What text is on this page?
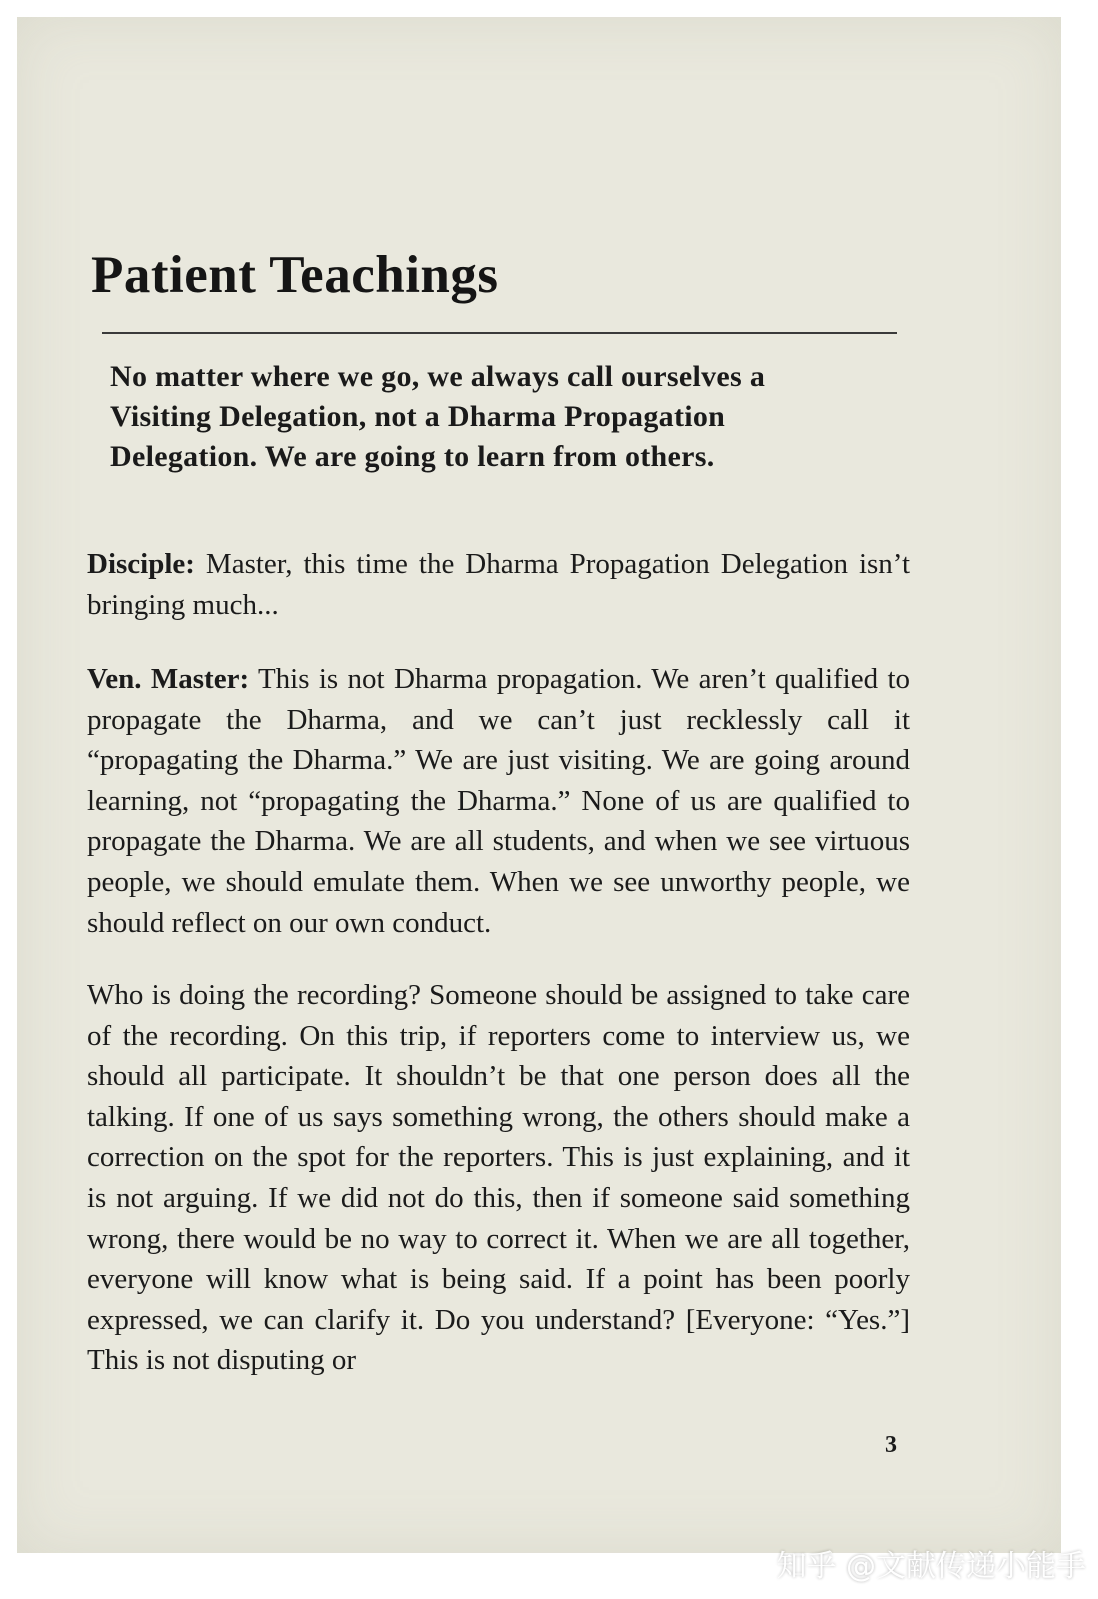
Patient Teachings

No matter where we go, we always call ourselves a Visiting Delegation, not a Dharma Propagation Delegation. We are going to learn from others.

Disciple: Master, this time the Dharma Propagation Delegation isn’t bringing much...

Ven. Master: This is not Dharma propagation. We aren’t qualified to propagate the Dharma, and we can’t just recklessly call it “propagating the Dharma.” We are just visiting. We are going around learning, not “propagating the Dharma.” None of us are qualified to propagate the Dharma. We are all students, and when we see virtuous people, we should emulate them. When we see unworthy people, we should reflect on our own conduct.

Who is doing the recording? Someone should be assigned to take care of the recording. On this trip, if reporters come to interview us, we should all participate. It shouldn’t be that one person does all the talking. If one of us says something wrong, the others should make a correction on the spot for the reporters. This is just explaining, and it is not arguing. If we did not do this, then if someone said something wrong, there would be no way to correct it. When we are all together, everyone will know what is being said. If a point has been poorly expressed, we can clarify it. Do you understand? [Everyone: “Yes.”] This is not disputing or

3
知乎 @文献传递小能手
